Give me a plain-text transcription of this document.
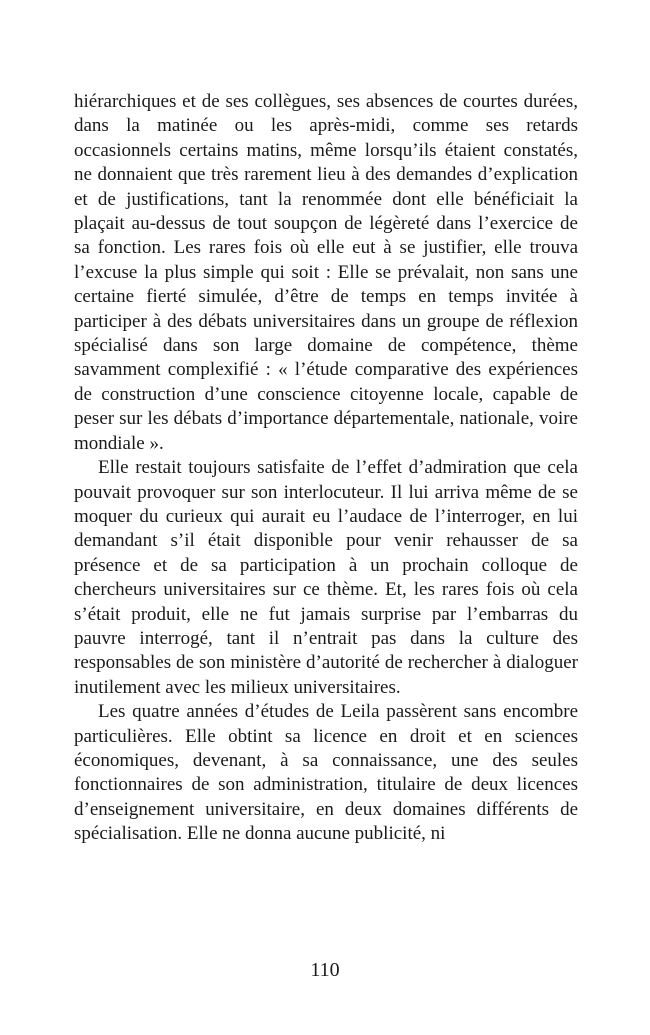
hiérarchiques et de ses collègues, ses absences de courtes durées, dans la matinée ou les après-midi, comme ses retards occasionnels certains matins, même lorsqu’ils étaient constatés, ne donnaient que très rarement lieu à des demandes d’explication et de justifications, tant la renommée dont elle bénéficiait la plaçait au-dessus de tout soupçon de légèreté dans l’exercice de sa fonction. Les rares fois où elle eut à se justifier, elle trouva l’excuse la plus simple qui soit : Elle se prévalait, non sans une certaine fierté simulée, d’être de temps en temps invitée à participer à des débats universitaires dans un groupe de réflexion spécialisé dans son large domaine de compétence, thème savamment complexifié : « l’étude comparative des expériences de construction d’une conscience citoyenne locale, capable de peser sur les débats d’importance départementale, nationale, voire mondiale ».

Elle restait toujours satisfaite de l’effet d’admiration que cela pouvait provoquer sur son interlocuteur. Il lui arriva même de se moquer du curieux qui aurait eu l’audace de l’interroger, en lui demandant s’il était disponible pour venir rehausser de sa présence et de sa participation à un prochain colloque de chercheurs universitaires sur ce thème. Et, les rares fois où cela s’était produit, elle ne fut jamais surprise par l’embarras du pauvre interrogé, tant il n’entrait pas dans la culture des responsables de son ministère d’autorité de rechercher à dialoguer inutilement avec les milieux universitaires.

Les quatre années d’études de Leila passèrent sans encombre particulières. Elle obtint sa licence en droit et en sciences économiques, devenant, à sa connaissance, une des seules fonctionnaires de son administration, titulaire de deux licences d’enseignement universitaire, en deux domaines différents de spécialisation. Elle ne donna aucune publicité, ni

110
